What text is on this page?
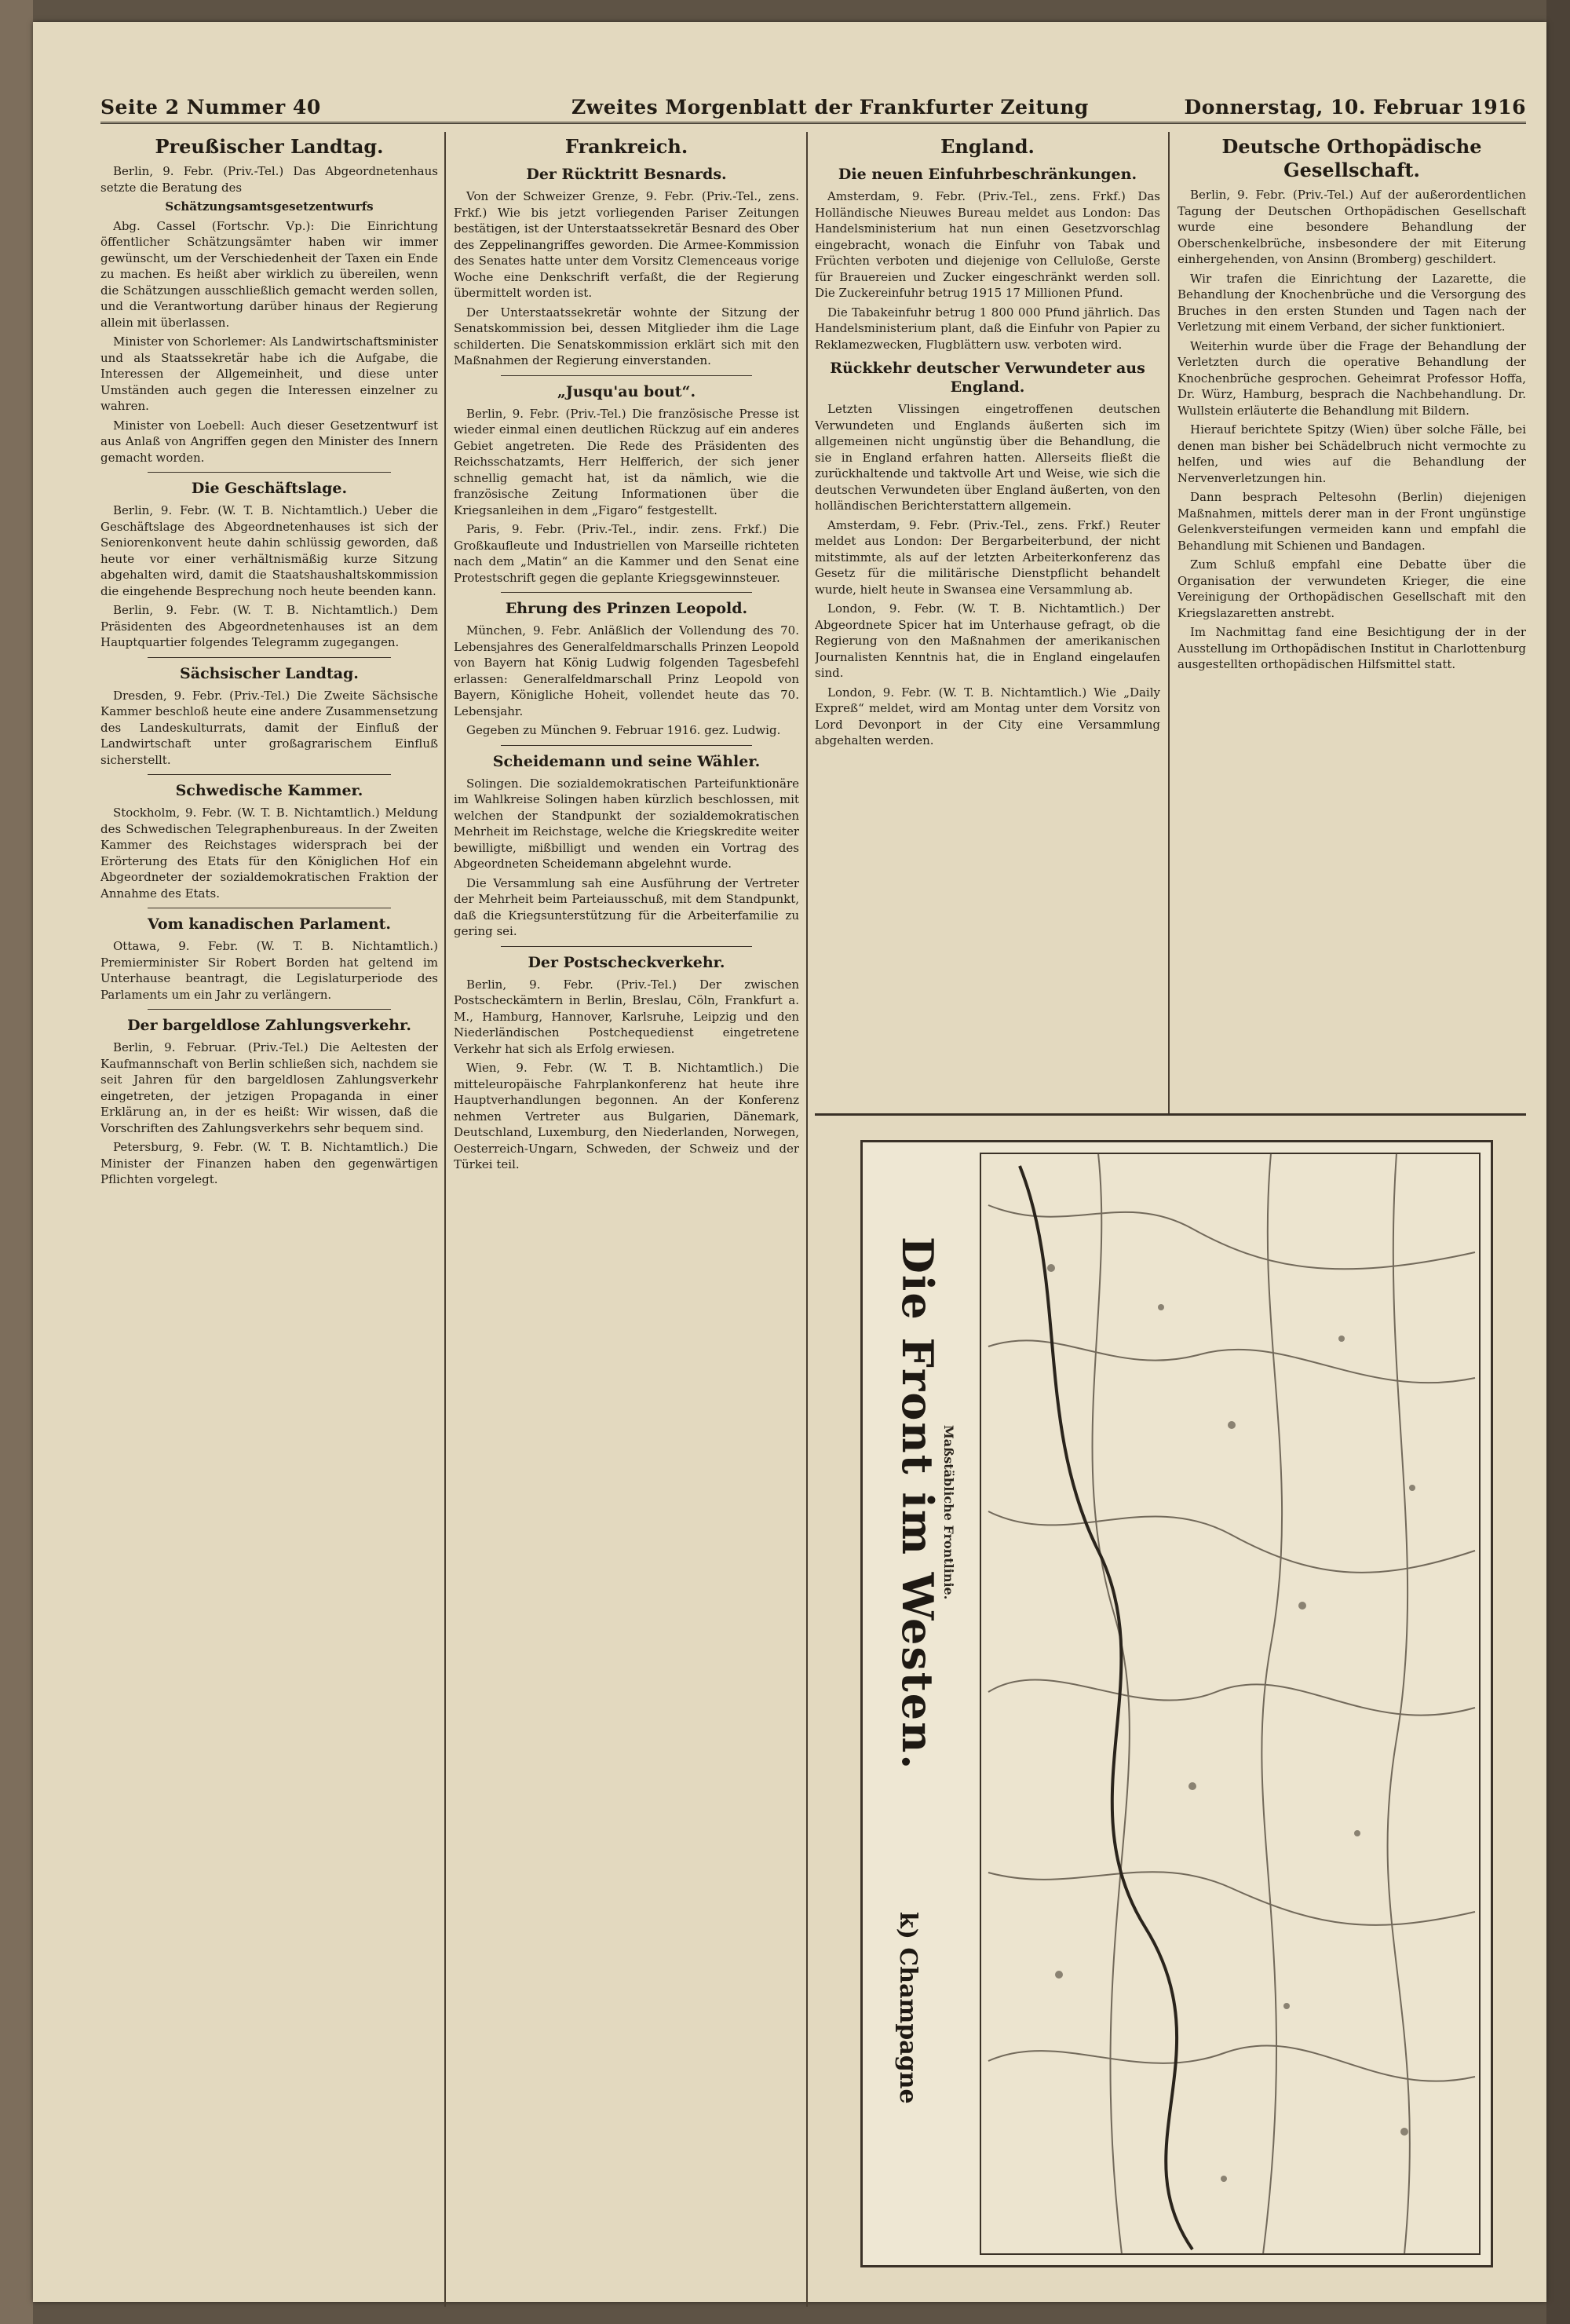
Seite 2 Nummer 40	Zweites Morgenblatt der Frankfurter Zeitung	Donnerstag, 10. Februar 1916
Preußischer Landtag.

Berlin, 9. Febr. (Priv.-Tel.) Das Abgeordnetenhaus setzte die Beratung des

Schätzungsamtsgesetzentwurfs

Abg. Cassel (Fortschr. Vp.): Die Einrichtung öffentlicher Schätzungsämter haben wir immer gewünscht, um der Verschiedenheit der Taxen ein Ende zu machen. Es heißt aber wirklich zu übereilen, wenn die Schätzungen ausschließlich gemacht werden sollen, und die Verantwortung darüber hinaus der Regierung allein mit überlassen.

Minister von Schorlemer: Als Landwirtschaftsminister und als Staatssekretär habe ich die Aufgabe, die Interessen der Allgemeinheit, und diese unter Umständen auch gegen die Interessen einzelner zu wahren.

Minister von Loebell: Auch dieser Gesetzentwurf ist aus Anlaß von Angriffen gegen den Minister des Innern gemacht worden.

Die Geschäftslage.

Berlin, 9. Febr. (W. T. B. Nichtamtlich.) Ueber die Geschäftslage des Abgeordnetenhauses ist sich der Seniorenkonvent heute dahin schlüssig geworden, daß heute vor einer verhältnismäßig kurze Sitzung abgehalten wird, damit die Staatshaushaltskommission die eingehende Besprechung noch heute beenden kann.

Berlin, 9. Febr. (W. T. B. Nichtamtlich.) Dem Präsidenten des Abgeordnetenhauses ist an dem Hauptquartier folgendes Telegramm zugegangen.

Sächsischer Landtag.

Dresden, 9. Febr. (Priv.-Tel.) Die Zweite Sächsische Kammer beschloß heute eine andere Zusammensetzung des Landeskulturrats, damit der Einfluß der Landwirtschaft unter großagrarischem Einfluß sicherstellt.

Schwedische Kammer.

Stockholm, 9. Febr. (W. T. B. Nichtamtlich.) Meldung des Schwedischen Telegraphenbureaus. In der Zweiten Kammer des Reichstages widersprach bei der Erörterung des Etats für den Königlichen Hof ein Abgeordneter der sozialdemokratischen Fraktion der Annahme des Etats.

Vom kanadischen Parlament.

Ottawa, 9. Febr. (W. T. B. Nichtamtlich.) Premierminister Sir Robert Borden hat geltend im Unterhause beantragt, die Legislaturperiode des Parlaments um ein Jahr zu verlängern.

Der bargeldlose Zahlungsverkehr.

Berlin, 9. Februar. (Priv.-Tel.) Die Aeltesten der Kaufmannschaft von Berlin schließen sich, nachdem sie seit Jahren für den bargeldlosen Zahlungsverkehr eingetreten, der jetzigen Propaganda in einer Erklärung an, in der es heißt: Wir wissen, daß die Vorschriften des Zahlungsverkehrs sehr bequem sind.

Petersburg, 9. Febr. (W. T. B. Nichtamtlich.) Die Minister der Finanzen haben den gegenwärtigen Pflichten vorgelegt.

Frankreich.
Der Rücktritt Besnards.

Von der Schweizer Grenze, 9. Febr. (Priv.-Tel., zens. Frkf.) Wie bis jetzt vorliegenden Pariser Zeitungen bestätigen, ist der Unterstaatssekretär Besnard des Ober des Zeppelinangriffes geworden. Die Armee-Kommission des Senates hatte unter dem Vorsitz Clemenceaus vorige Woche eine Denkschrift verfaßt, die der Regierung übermittelt worden ist.

Der Unterstaatssekretär wohnte der Sitzung der Senatskommission bei, dessen Mitglieder ihm die Lage schilderten. Die Senatskommission erklärt sich mit den Maßnahmen der Regierung einverstanden.

„Jusqu'au bout“.

Berlin, 9. Febr. (Priv.-Tel.) Die französische Presse ist wieder einmal einen deutlichen Rückzug auf ein anderes Gebiet angetreten. Die Rede des Präsidenten des Reichsschatzamts, Herr Helfferich, der sich jener schnellig gemacht hat, ist da nämlich, wie die französische Zeitung Informationen über die Kriegsanleihen in dem „Figaro“ festgestellt.

Paris, 9. Febr. (Priv.-Tel., indir. zens. Frkf.) Die Großkaufleute und Industriellen von Marseille richteten nach dem „Matin“ an die Kammer und den Senat eine Protestschrift gegen die geplante Kriegsgewinnsteuer.

Ehrung des Prinzen Leopold.

München, 9. Febr. Anläßlich der Vollendung des 70. Lebensjahres des Generalfeldmarschalls Prinzen Leopold von Bayern hat König Ludwig folgenden Tagesbefehl erlassen: Generalfeldmarschall Prinz Leopold von Bayern, Königliche Hoheit, vollendet heute das 70. Lebensjahr.

Gegeben zu München 9. Februar 1916. gez. Ludwig.

Scheidemann und seine Wähler.

Solingen. Die sozialdemokratischen Parteifunktionäre im Wahlkreise Solingen haben kürzlich beschlossen, mit welchen der Standpunkt der sozialdemokratischen Mehrheit im Reichstage, welche die Kriegskredite weiter bewilligte, mißbilligt und wenden ein Vortrag des Abgeordneten Scheidemann abgelehnt wurde.

Die Versammlung sah eine Ausführung der Vertreter der Mehrheit beim Parteiausschuß, mit dem Standpunkt, daß die Kriegsunterstützung für die Arbeiterfamilie zu gering sei.

Der Postscheckverkehr.

Berlin, 9. Febr. (Priv.-Tel.) Der zwischen Postscheckämtern in Berlin, Breslau, Cöln, Frankfurt a. M., Hamburg, Hannover, Karlsruhe, Leipzig und den Niederländischen Postchequedienst eingetretene Verkehr hat sich als Erfolg erwiesen.

Wien, 9. Febr. (W. T. B. Nichtamtlich.) Die mitteleuropäische Fahrplankonferenz hat heute ihre Hauptverhandlungen begonnen. An der Konferenz nehmen Vertreter aus Bulgarien, Dänemark, Deutschland, Luxemburg, den Niederlanden, Norwegen, Oesterreich-Ungarn, Schweden, der Schweiz und der Türkei teil.

England.
Die neuen Einfuhrbeschränkungen.

Amsterdam, 9. Febr. (Priv.-Tel., zens. Frkf.) Das Holländische Nieuwes Bureau meldet aus London: Das Handelsministerium hat nun einen Gesetzvorschlag eingebracht, wonach die Einfuhr von Tabak und Früchten verboten und diejenige von Celluloße, Gerste für Brauereien und Zucker eingeschränkt werden soll. Die Zuckereinfuhr betrug 1915 17 Millionen Pfund.

Die Tabakeinfuhr betrug 1 800 000 Pfund jährlich. Das Handelsministerium plant, daß die Einfuhr von Papier zu Reklamezwecken, Flugblättern usw. verboten wird.

Rückkehr deutscher Verwundeter aus England.

Letzten Vlissingen eingetroffenen deutschen Verwundeten und Englands äußerten sich im allgemeinen nicht ungünstig über die Behandlung, die sie in England erfahren hatten. Allerseits fließt die zurückhaltende und taktvolle Art und Weise, wie sich die deutschen Verwundeten über England äußerten, von den holländischen Berichterstattern allgemein.

Amsterdam, 9. Febr. (Priv.-Tel., zens. Frkf.) Reuter meldet aus London: Der Bergarbeiterbund, der nicht mitstimmte, als auf der letzten Arbeiterkonferenz das Gesetz für die militärische Dienstpflicht behandelt wurde, hielt heute in Swansea eine Versammlung ab.

London, 9. Febr. (W. T. B. Nichtamtlich.) Der Abgeordnete Spicer hat im Unterhause gefragt, ob die Regierung von den Maßnahmen der amerikanischen Journalisten Kenntnis hat, die in England eingelaufen sind.

London, 9. Febr. (W. T. B. Nichtamtlich.) Wie „Daily Expreß“ meldet, wird am Montag unter dem Vorsitz von Lord Devonport in der City eine Versammlung abgehalten werden.

Deutsche Orthopädische Gesellschaft.

Berlin, 9. Febr. (Priv.-Tel.) Auf der außerordentlichen Tagung der Deutschen Orthopädischen Gesellschaft wurde eine besondere Behandlung der Oberschenkelbrüche, insbesondere der mit Eiterung einhergehenden, von Ansinn (Bromberg) geschildert.

Wir trafen die Einrichtung der Lazarette, die Behandlung der Knochenbrüche und die Versorgung des Bruches in den ersten Stunden und Tagen nach der Verletzung mit einem Verband, der sicher funktioniert.

Weiterhin wurde über die Frage der Behandlung der Verletzten durch die operative Behandlung der Knochenbrüche gesprochen. Geheimrat Professor Hoffa, Dr. Würz, Hamburg, besprach die Nachbehandlung. Dr. Wullstein erläuterte die Behandlung mit Bildern.

Hierauf berichtete Spitzy (Wien) über solche Fälle, bei denen man bisher bei Schädelbruch nicht vermochte zu helfen, und wies auf die Behandlung der Nervenverletzungen hin.

Dann besprach Peltesohn (Berlin) diejenigen Maßnahmen, mittels derer man in der Front ungünstige Gelenkversteifungen vermeiden kann und empfahl die Behandlung mit Schienen und Bandagen.

Zum Schluß empfahl eine Debatte über die Organisation der verwundeten Krieger, die eine Vereinigung der Orthopädischen Gesellschaft mit den Kriegslazaretten anstrebt.

Im Nachmittag fand eine Besichtigung der in der Ausstellung im Orthopädischen Institut in Charlottenburg ausgestellten orthopädischen Hilfsmittel statt.

Die Front im Westen.
Maßstäbliche Frontlinie.
k) Champagne
